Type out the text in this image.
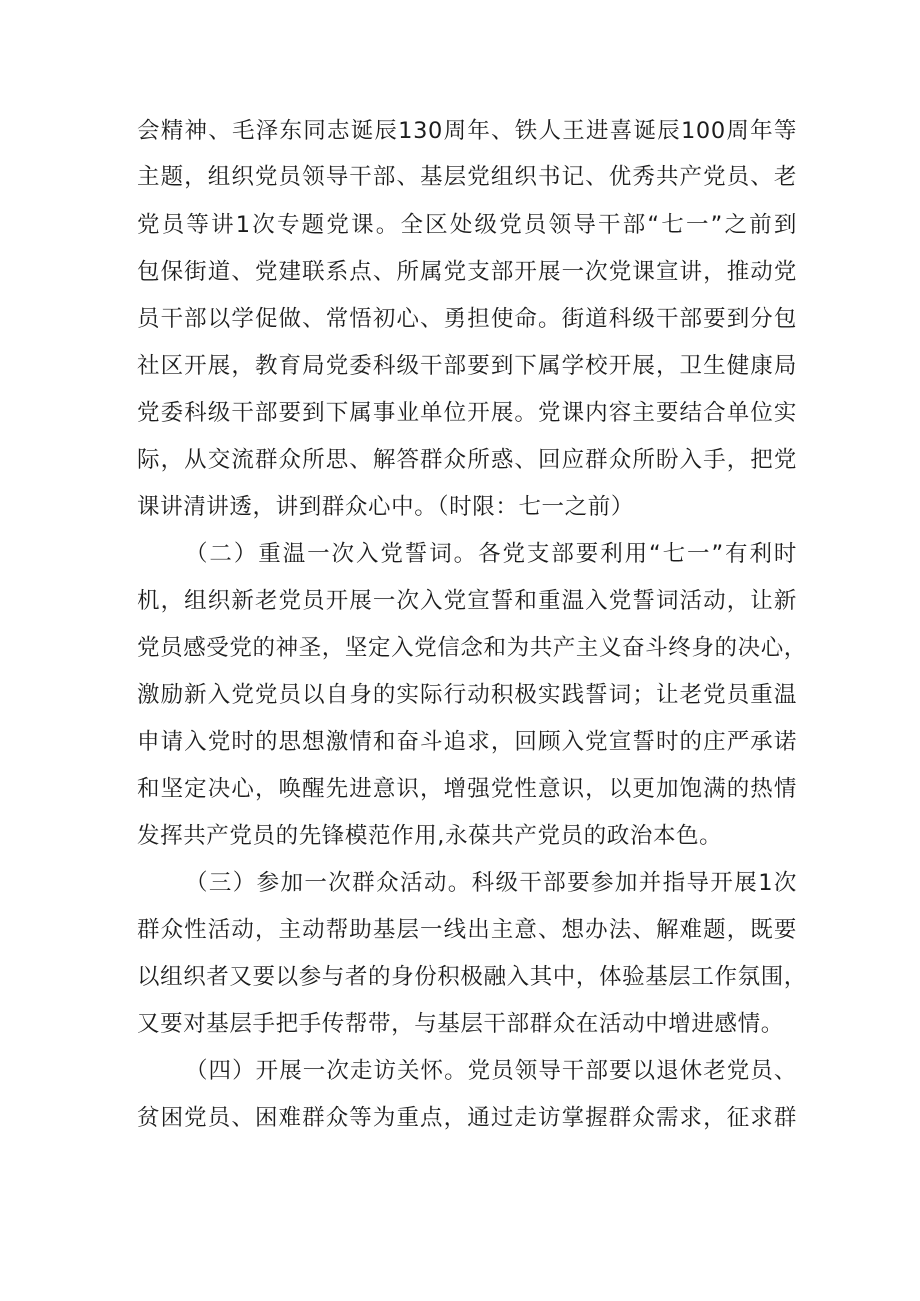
会精神、毛泽东同志诞辰130周年、铁人王进喜诞辰100周年等
主题，组织党员领导干部、基层党组织书记、优秀共产党员、老
党员等讲1次专题党课。全区处级党员领导干部“七一”之前到
包保街道、党建联系点、所属党支部开展一次党课宣讲，推动党
员干部以学促做、常悟初心、勇担使命。街道科级干部要到分包
社区开展，教育局党委科级干部要到下属学校开展，卫生健康局
党委科级干部要到下属事业单位开展。党课内容主要结合单位实
际，从交流群众所思、解答群众所惑、回应群众所盼入手，把党
课讲清讲透，讲到群众心中。（时限：七一之前）
（二）重温一次入党誓词。各党支部要利用“七一”有利时
机，组织新老党员开展一次入党宣誓和重温入党誓词活动，让新
党员感受党的神圣，坚定入党信念和为共产主义奋斗终身的决心，
激励新入党党员以自身的实际行动积极实践誓词；让老党员重温
申请入党时的思想激情和奋斗追求，回顾入党宣誓时的庄严承诺
和坚定决心，唤醒先进意识，增强党性意识，以更加饱满的热情
发挥共产党员的先锋模范作用,永葆共产党员的政治本色。
（三）参加一次群众活动。科级干部要参加并指导开展1次
群众性活动，主动帮助基层一线出主意、想办法、解难题，既要
以组织者又要以参与者的身份积极融入其中，体验基层工作氛围，
又要对基层手把手传帮带，与基层干部群众在活动中增进感情。
（四）开展一次走访关怀。党员领导干部要以退休老党员、
贫困党员、困难群众等为重点，通过走访掌握群众需求，征求群
